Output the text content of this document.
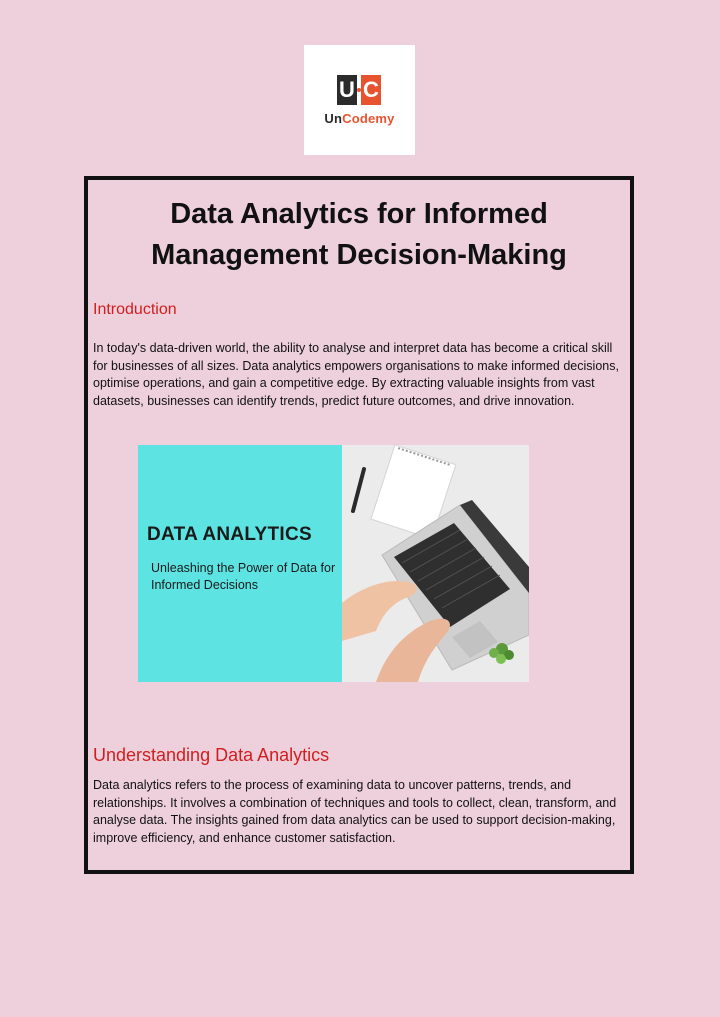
U C
UnCodemy
Data Analytics for Informed Management Decision-Making
Introduction

In today's data-driven world, the ability to analyse and interpret data has become a critical skill for businesses of all sizes. Data analytics empowers organisations to make informed decisions, optimise operations, and gain a competitive edge. By extracting valuable insights from vast datasets, businesses can identify trends, predict future outcomes, and drive innovation.

DATA ANALYTICS
Unleashing the Power of Data for Informed Decisions
Understanding Data Analytics

Data analytics refers to the process of examining data to uncover patterns, trends, and relationships. It involves a combination of techniques and tools to collect, clean, transform, and analyse data. The insights gained from data analytics can be used to support decision-making, improve efficiency, and enhance customer satisfaction.
